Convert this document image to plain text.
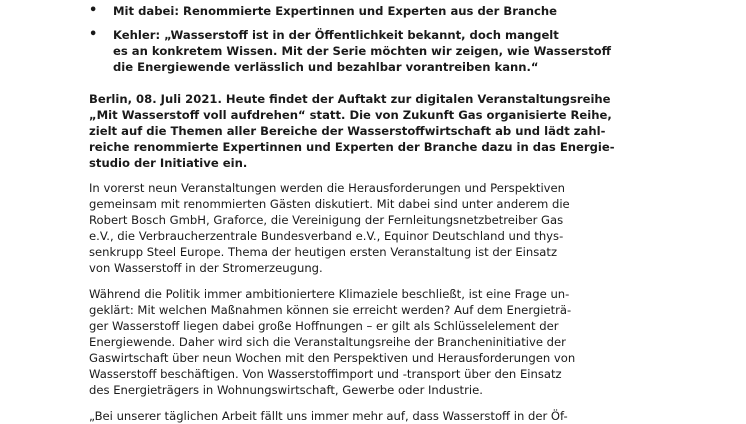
• Mit dabei: Renommierte Expertinnen und Experten aus der Branche
• Kehler: „Wasserstoff ist in der Öffentlichkeit bekannt, doch mangelt
es an konkretem Wissen. Mit der Serie möchten wir zeigen, wie Wasserstoff
die Energiewende verlässlich und bezahlbar vorantreiben kann.“

Berlin, 08. Juli 2021. Heute findet der Auftakt zur digitalen Veranstaltungsreihe
„Mit Wasserstoff voll aufdrehen“ statt. Die von Zukunft Gas organisierte Reihe,
zielt auf die Themen aller Bereiche der Wasserstoffwirtschaft ab und lädt zahl-
reiche renommierte Expertinnen und Experten der Branche dazu in das Energie-
studio der Initiative ein.

In vorerst neun Veranstaltungen werden die Herausforderungen und Perspektiven
gemeinsam mit renommierten Gästen diskutiert. Mit dabei sind unter anderem die
Robert Bosch GmbH, Graforce, die Vereinigung der Fernleitungsnetzbetreiber Gas
e.V., die Verbraucherzentrale Bundesverband e.V., Equinor Deutschland und thys-
senkrupp Steel Europe. Thema der heutigen ersten Veranstaltung ist der Einsatz
von Wasserstoff in der Stromerzeugung.

Während die Politik immer ambitioniertere Klimaziele beschließt, ist eine Frage un-
geklärt: Mit welchen Maßnahmen können sie erreicht werden? Auf dem Energieträ-
ger Wasserstoff liegen dabei große Hoffnungen – er gilt als Schlüsselelement der
Energiewende. Daher wird sich die Veranstaltungsreihe der Brancheninitiative der
Gaswirtschaft über neun Wochen mit den Perspektiven und Herausforderungen von
Wasserstoff beschäftigen. Von Wasserstoffimport und -transport über den Einsatz
des Energieträgers in Wohnungswirtschaft, Gewerbe oder Industrie.

„Bei unserer täglichen Arbeit fällt uns immer mehr auf, dass Wasserstoff in der Öf-
